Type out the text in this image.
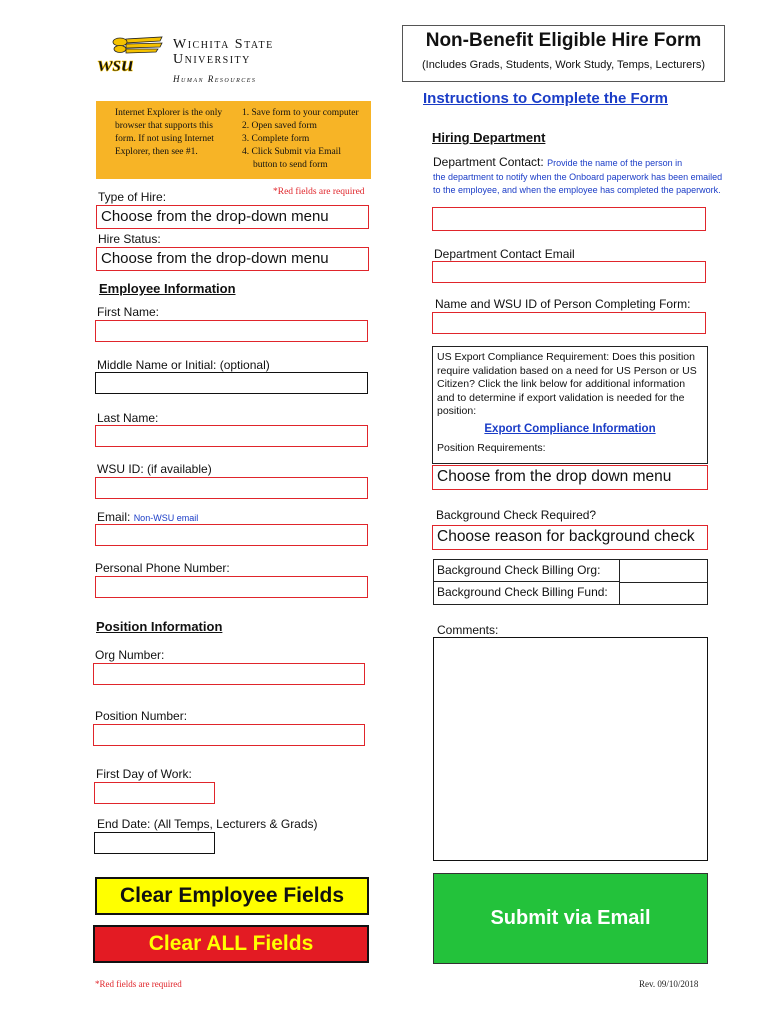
wsu
Wichita State
University
Human Resources
Non-Benefit Eligible Hire Form
(Includes Grads, Students, Work Study, Temps, Lecturers)
Instructions to Complete the Form
Internet Explorer is the only
browser that supports this
form. If not using Internet
Explorer, then see #1.
1. Save form to your computer
2. Open saved form
3. Complete form
4. Click Submit via Email
button to send form
*Red fields are required
Type of Hire:
Choose from the drop-down menu
Hire Status:
Choose from the drop-down menu
Employee Information
First Name:
Middle Name or Initial: (optional)
Last Name:
WSU ID: (if available)
Email: Non-WSU email
Personal Phone Number:
Position Information
Org Number:
Position Number:
First Day of Work:
End Date: (All Temps, Lecturers & Grads)
Hiring Department
Department Contact: Provide the name of the person in
the department to notify when the Onboard paperwork has been emailed to the employee, and when the employee has completed the paperwork.
Department Contact Email
Name and WSU ID of Person Completing Form:
US Export Compliance Requirement: Does this position require validation based on a need for US Person or US Citizen? Click the link below for additional information and to determine if export validation is needed for the position:
Export Compliance Information
Position Requirements:
Choose from the drop down menu
Background Check Required?
Choose reason for background check
Background Check Billing Org:
Background Check Billing Fund:
Comments:
Clear Employee Fields
Clear ALL Fields
Submit via Email
*Red fields are required	Rev. 09/10/2018
